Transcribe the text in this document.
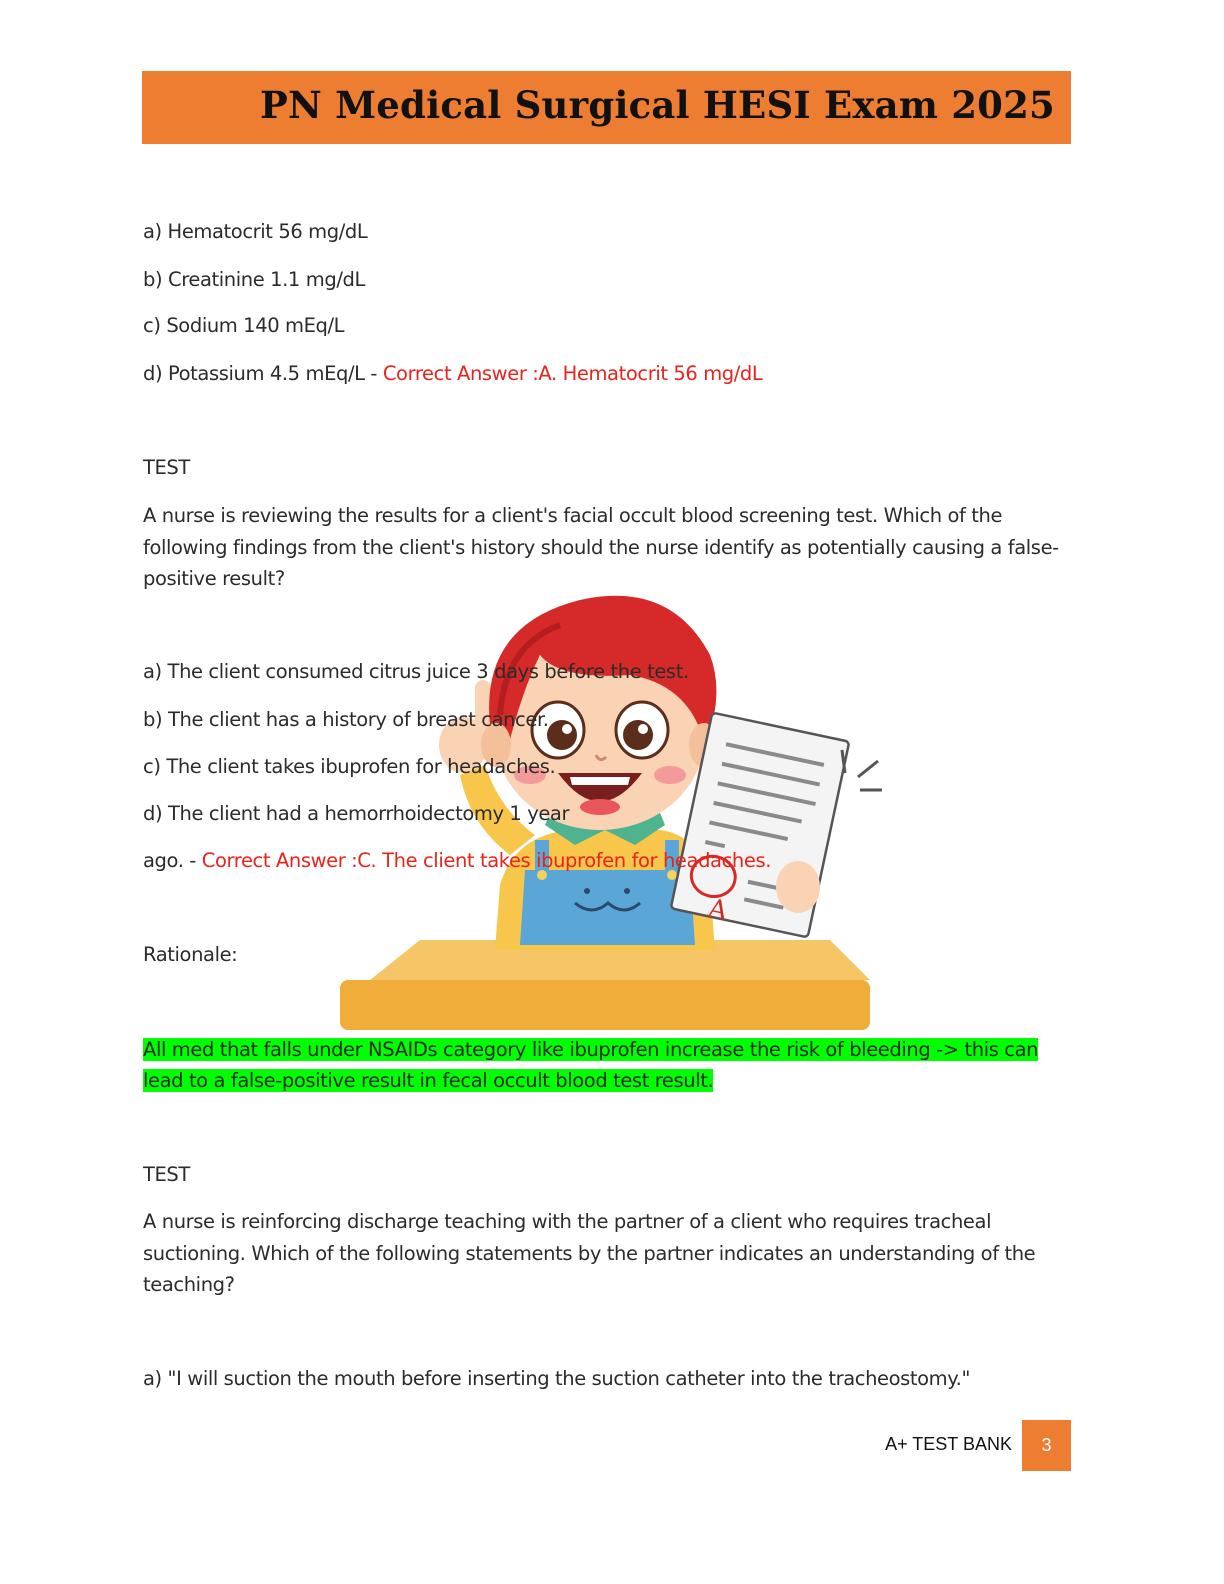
PN Medical Surgical HESI Exam 2025
a) Hematocrit 56 mg/dL
b) Creatinine 1.1 mg/dL
c) Sodium 140 mEq/L
d) Potassium 4.5 mEq/L - Correct Answer :A. Hematocrit 56 mg/dL
TEST
A nurse is reviewing the results for a client's facial occult blood screening test. Which of the following findings from the client's history should the nurse identify as potentially causing a false-positive result?
A
a) The client consumed citrus juice 3 days before the test.
b) The client has a history of breast cancer.
c) The client takes ibuprofen for headaches.
d) The client had a hemorrhoidectomy 1 year
ago. - Correct Answer :C. The client takes ibuprofen for headaches.
Rationale:
All med that falls under NSAIDs category like ibuprofen increase the risk of bleeding -> this can
lead to a false-positive result in fecal occult blood test result.
TEST
A nurse is reinforcing discharge teaching with the partner of a client who requires tracheal suctioning. Which of the following statements by the partner indicates an understanding of the teaching?
a) "I will suction the mouth before inserting the suction catheter into the tracheostomy."
A+ TEST BANK	3
